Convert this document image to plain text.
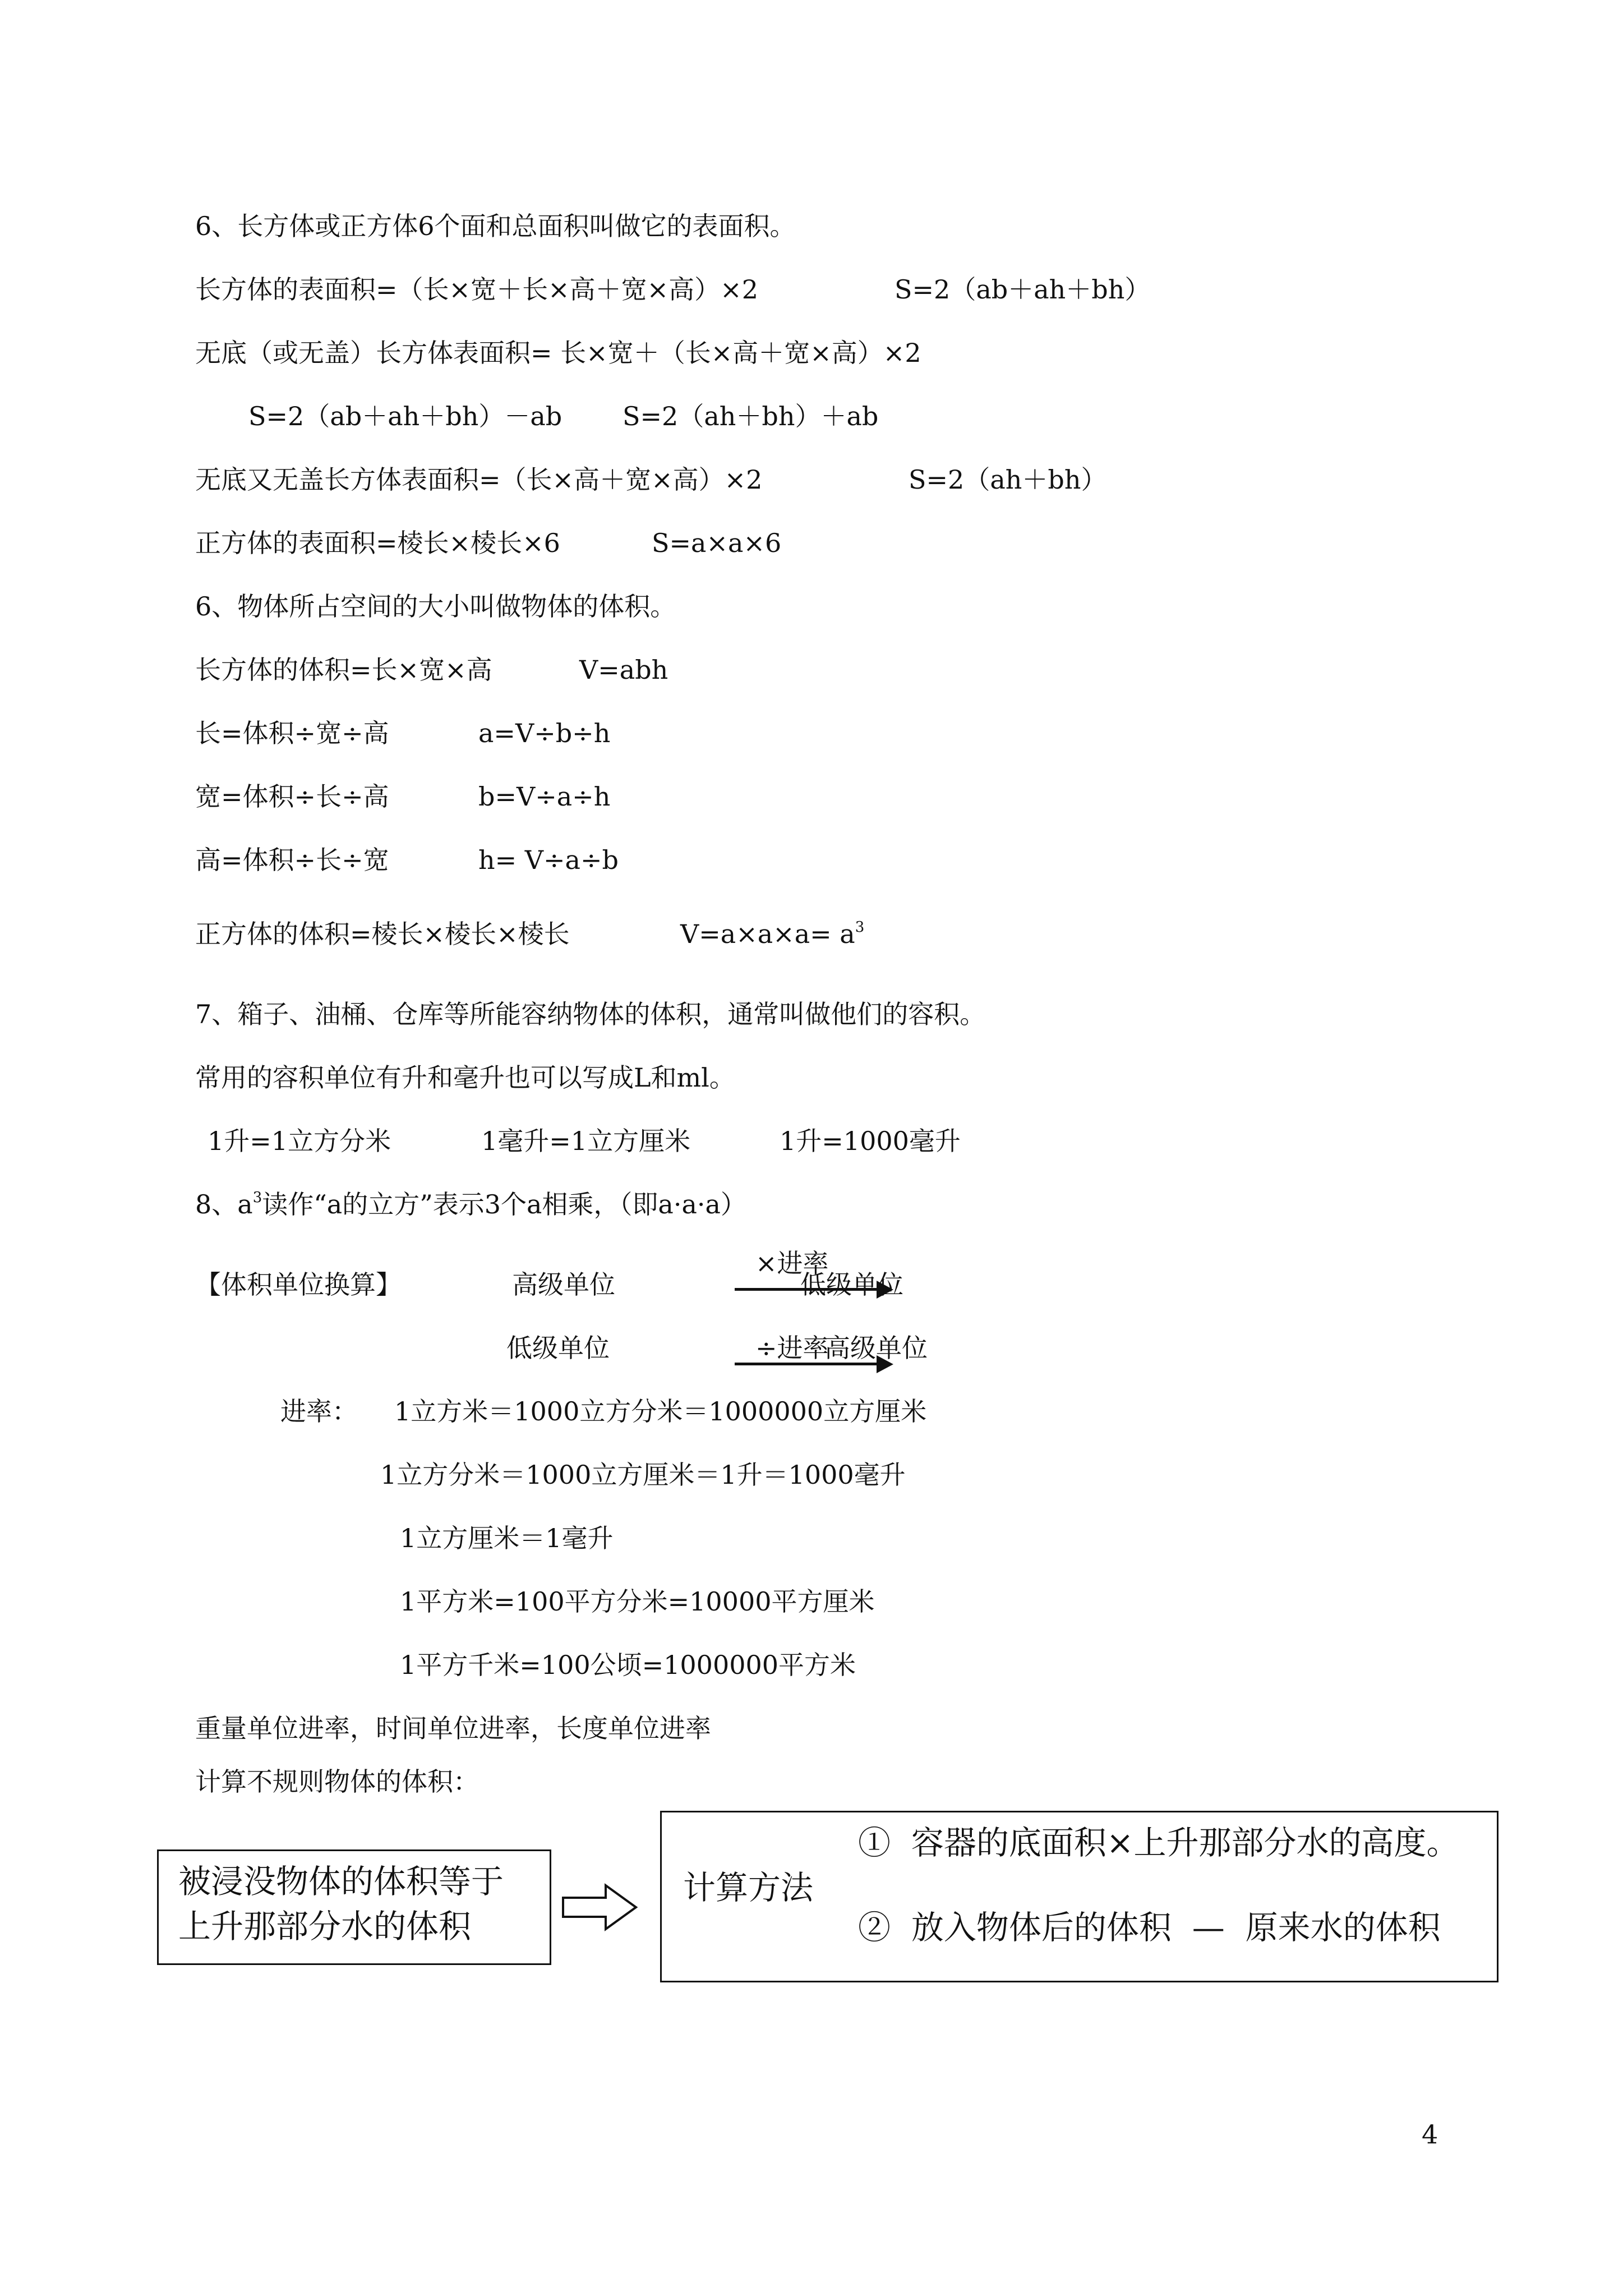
6、长方体或正方体6个面和总面积叫做它的表面积。
长方体的表面积=（长×宽＋长×高＋宽×高）×2	S=2（ab＋ah＋bh）
无底（或无盖）长方体表面积= 长×宽＋（长×高＋宽×高）×2
S=2（ab＋ah＋bh）－ab S=2（ah＋bh）＋ab
无底又无盖长方体表面积=（长×高＋宽×高）×2	S=2（ah＋bh）
正方体的表面积=棱长×棱长×6	S=a×a×6
6、物体所占空间的大小叫做物体的体积。
长方体的体积=长×宽×高	V=abh
长=体积÷宽÷高	a=V÷b÷h
宽=体积÷长÷高	b=V÷a÷h
高=体积÷长÷宽	h= V÷a÷b
正方体的体积=棱长×棱长×棱长	$V=a\times a\times a= a^3$
7、箱子、油桶、仓库等所能容纳物体的体积，通常叫做他们的容积。
常用的容积单位有升和毫升也可以写成L和ml。
1升=1立方分米	1毫升=1立方厘米	1升=1000毫升
8、$a^3$读作“a的立方”表示3个a相乘，（即a·a·a）
【体积单位换算】	高级单位
×进率
低级单位
低级单位	÷进率
高级单位
进率： 1立方米＝1000立方分米＝1000000立方厘米
1立方分米＝1000立方厘米＝1升＝1000毫升
1立方厘米＝1毫升
1平方米=100平方分米=10000平方厘米
1平方千米=100公顷=1000000平方米
重量单位进率，时间单位进率，长度单位进率
计算不规则物体的体积：
被浸没物体的体积等于
上升那部分水的体积
计算方法
①  容器的底面积×上升那部分水的高度。
②  放入物体后的体积  —  原来水的体积
4
